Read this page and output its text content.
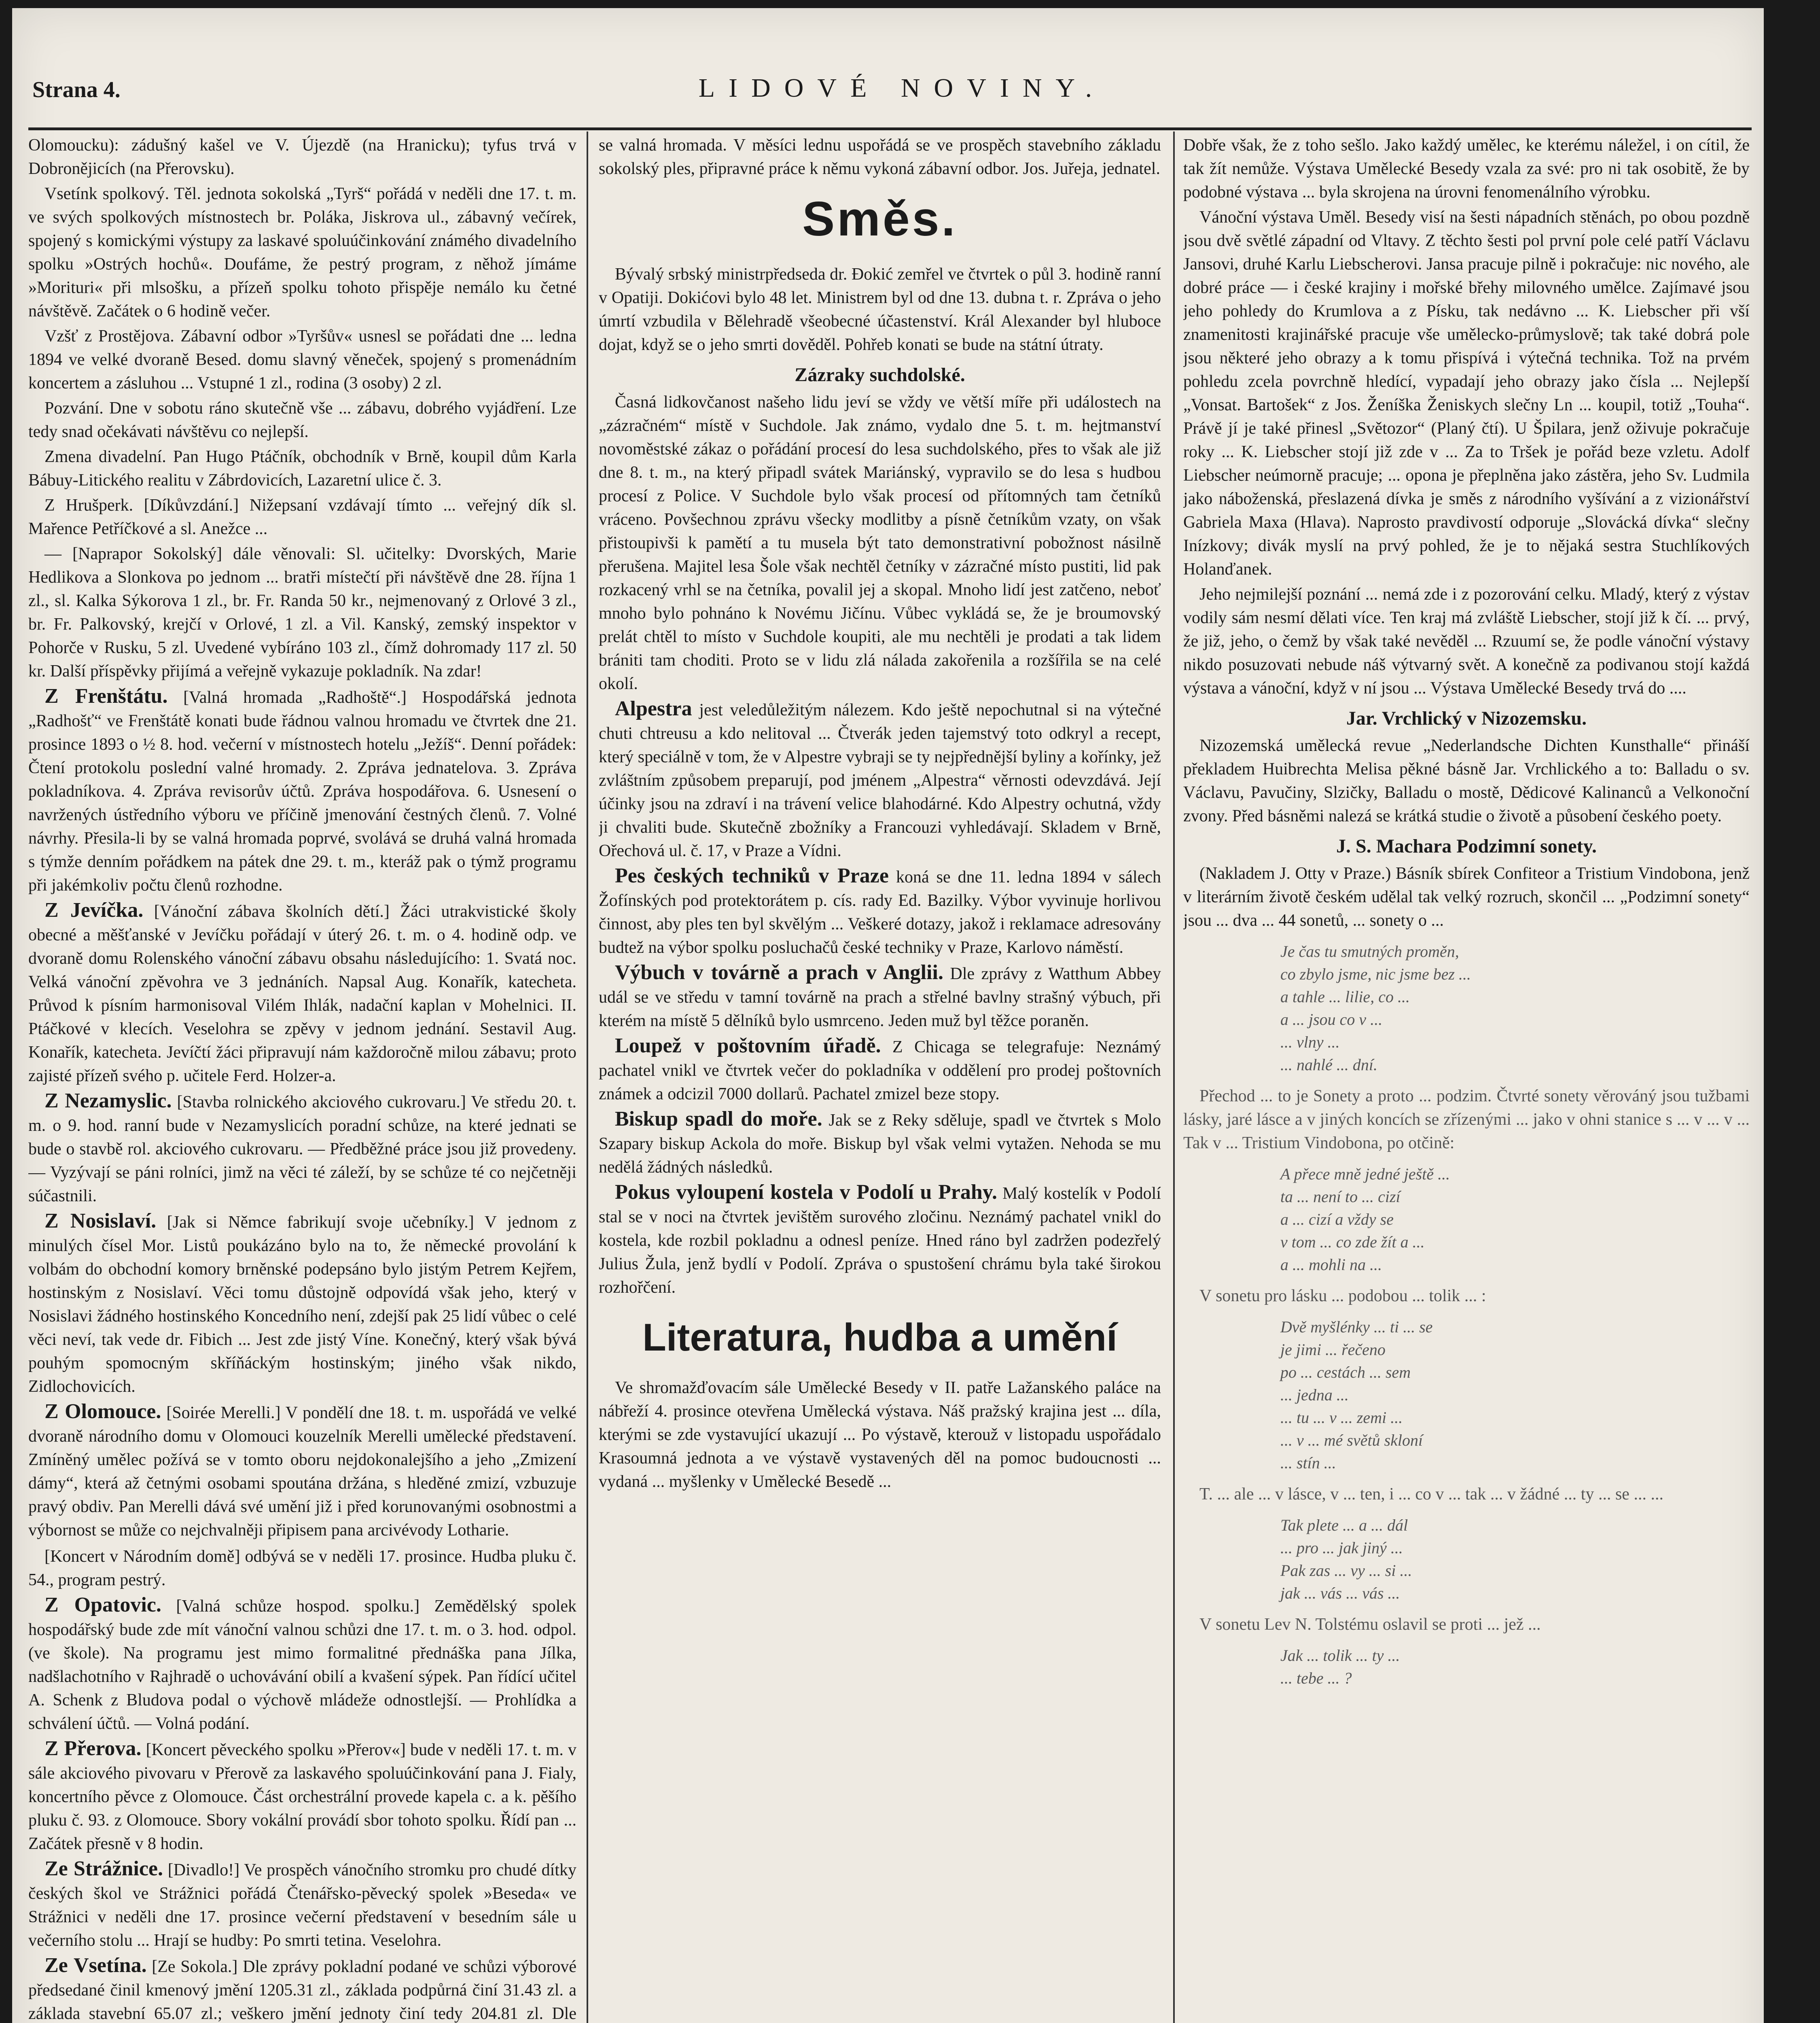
Strana 4.	LIDOVÉ NOVINY.

Olomoucku): zádušný kašel ve V. Újezdě (na Hranicku); tyfus trvá v Dobronějicích (na Přerovsku).

Vsetínk spolkový. Těl. jednota sokolská „Tyrš“ pořádá v neděli dne 17. t. m. ve svých spolkových místnostech br. Poláka, Jiskrova ul., zábavný večírek, spojený s komickými výstupy za laskavé spoluúčinkování známého divadelního spolku »Ostrých hochů«. Doufáme, že pestrý program, z něhož jímáme »Morituri« při mlsošku, a přízeň spolku tohoto přispěje nemálo ku četné návštěvě. Začátek o 6 hodině večer.

Vzšť z Prostějova. Zábavní odbor »Tyršův« usnesl se pořádati dne ... ledna 1894 ve velké dvoraně Besed. domu slavný věneček, spojený s promenádním koncertem a zásluhou ... Vstupné 1 zl., rodina (3 osoby) 2 zl.

Pozvání. Dne v sobotu ráno skutečně vše ... zábavu, dobrého vyjádření. Lze tedy snad očekávati návštěvu co nejlepší.

Zmena divadelní. Pan Hugo Ptáčník, obchodník v Brně, koupil dům Karla Bábuy-Litického realitu v Zábrdovicích, Lazaretní ulice č. 3.

Z Hrušperk. [Díkůvzdání.] Nižepsaní vzdávají tímto ... veřejný dík sl. Mařence Petříčkové a sl. Anežce ...

— [Naprapor Sokolský] dále věnovali: Sl. učitelky: Dvorských, Marie Hedlikova a Slonkova po jednom ... bratři místečtí při návštěvě dne 28. října 1 zl., sl. Kalka Sýkorova 1 zl., br. Fr. Randa 50 kr., nejmenovaný z Orlové 3 zl., br. Fr. Palkovský, krejčí v Orlové, 1 zl. a Vil. Kanský, zemský inspektor v Pohorče v Rusku, 5 zl. Uvedené vybíráno 103 zl., čímž dohromady 117 zl. 50 kr. Další příspěvky přijímá a veřejně vykazuje pokladník. Na zdar!

Z Frenštátu. [Valná hromada „Radhoště“.] Hospodářská jednota „Radhošť“ ve Frenštátě konati bude řádnou valnou hromadu ve čtvrtek dne 21. prosince 1893 o ½ 8. hod. večerní v místnostech hotelu „Ježíš“. Denní pořádek: Čtení protokolu poslední valné hromady. 2. Zpráva jednatelova. 3. Zpráva pokladníkova. 4. Zpráva revisorův účtů. Zpráva hospodářova. 6. Usnesení o navržených ústředního výboru ve příčině jmenování čestných členů. 7. Volné návrhy. Přesila-li by se valná hromada poprvé, svolává se druhá valná hromada s týmže denním pořádkem na pátek dne 29. t. m., kteráž pak o týmž programu při jakémkoliv počtu členů rozhodne.

Z Jevíčka. [Vánoční zábava školních dětí.] Žáci utrakvistické školy obecné a měšťanské v Jevíčku pořádají v úterý 26. t. m. o 4. hodině odp. ve dvoraně domu Rolenského vánoční zábavu obsahu následujícího: 1. Svatá noc. Velká vánoční zpěvohra ve 3 jednáních. Napsal Aug. Konařík, katecheta. Průvod k písním harmonisoval Vilém Ihlák, nadační kaplan v Mohelnici. II. Ptáčkové v klecích. Veselohra se zpěvy v jednom jednání. Sestavil Aug. Konařík, katecheta. Jevíčtí žáci připravují nám každoročně milou zábavu; proto zajisté přízeň svého p. učitele Ferd. Holzer-a.

Z Nezamyslic. [Stavba rolnického akciového cukrovaru.] Ve středu 20. t. m. o 9. hod. ranní bude v Nezamyslicích poradní schůze, na které jednati se bude o stavbě rol. akciového cukrovaru. — Předběžné práce jsou již provedeny. — Vyzývají se páni rolníci, jimž na věci té záleží, by se schůze té co nejčetněji súčastnili.

Z Nosislaví. [Jak si Němce fabrikují svoje učebníky.] V jednom z minulých čísel Mor. Listů poukázáno bylo na to, že německé provolání k volbám do obchodní komory brněnské podepsáno bylo jistým Petrem Kejřem, hostinským z Nosislaví. Věci tomu důstojně odpovídá však jeho, který v Nosislavi žádného hostinského Koncedního není, zdejší pak 25 lidí vůbec o celé věci neví, tak vede dr. Fibich ... Jest zde jistý Víne. Konečný, který však bývá pouhým spomocným skříňáckým hostinským; jiného však nikdo, Zidlochovicích.

Z Olomouce. [Soirée Merelli.] V pondělí dne 18. t. m. uspořádá ve velké dvoraně národního domu v Olomouci kouzelník Merelli umělecké představení. Zmíněný umělec požívá se v tomto oboru nejdokonalejšího a jeho „Zmizení dámy“, která až četnými osobami spoutána držána, s hleděné zmizí, vzbuzuje pravý obdiv. Pan Merelli dává své umění již i před korunovanými osobnostmi a výbornost se může co nejchvalněji připisem pana arcivévody Lotharie.

[Koncert v Národním domě] odbývá se v neděli 17. prosince. Hudba pluku č. 54., program pestrý.

Z Opatovic. [Valná schůze hospod. spolku.] Zemědělský spolek hospodářský bude zde mít vánoční valnou schůzi dne 17. t. m. o 3. hod. odpol. (ve škole). Na programu jest mimo formalitné přednáška pana Jílka, nadšlachotního v Rajhradě o uchovávání obilí a kvašení sýpek. Pan řídící učitel A. Schenk z Bludova podal o výchově mládeže odnostlejší. — Prohlídka a schválení účtů. — Volná podání.

Z Přerova. [Koncert pěveckého spolku »Přerov«] bude v neděli 17. t. m. v sále akciového pivovaru v Přerově za laskavého spoluúčinkování pana J. Fialy, koncertního pěvce z Olomouce. Část orchestrální provede kapela c. a k. pěšího pluku č. 93. z Olomouce. Sbory vokální provádí sbor tohoto spolku. Řídí pan ... Začátek přesně v 8 hodin.

Ze Strážnice. [Divadlo!] Ve prospěch vánočního stromku pro chudé dítky českých škol ve Strážnici pořádá Čtenářsko-pěvecký spolek »Beseda« ve Strážnici v neděli dne 17. prosince večerní představení v besedním sále u večerního stolu ... Hrají se hudby: Po smrti tetina. Veselohra.

Ze Vsetína. [Ze Sokola.] Dle zprávy pokladní podané ve schůzi výborové předsedané činil kmenový jmění 1205.31 zl., základa podpůrná činí 31.43 zl. a základa stavební 65.07 zl.; veškero jmění jednoty činí tedy 204.81 zl. Dle

se valná hromada. V měsíci lednu uspořádá se ve prospěch stavebního základu sokolský ples, připravné práce k němu vykoná zábavní odbor. Jos. Juřeja, jednatel.

Směs.

Bývalý srbský ministrpředseda dr. Đokić zemřel ve čtvrtek o půl 3. hodině ranní v Opatiji. Dokićovi bylo 48 let. Ministrem byl od dne 13. dubna t. r. Zpráva o jeho úmrtí vzbudila v Bělehradě všeobecné účastenství. Král Alexander byl hluboce dojat, když se o jeho smrti dověděl. Pohřeb konati se bude na státní útraty.

Zázraky suchdolské.

Časná lidkovčanost našeho lidu jeví se vždy ve větší míře při událostech na „zázračném“ místě v Suchdole. Jak známo, vydalo dne 5. t. m. hejtmanství novoměstské zákaz o pořádání procesí do lesa suchdolského, přes to však ale již dne 8. t. m., na který připadl svátek Mariánský, vypravilo se do lesa s hudbou procesí z Police. V Suchdole bylo však procesí od přítomných tam četníků vráceno. Povšechnou zprávu všecky modlitby a písně četníkům vzaty, on však přistoupivši k pamětí a tu musela být tato demonstrativní pobožnost násilně přerušena. Majitel lesa Šole však nechtěl četníky v zázračné místo pustiti, lid pak rozkacený vrhl se na četníka, povalil jej a skopal. Mnoho lidí jest zatčeno, neboť mnoho bylo pohnáno k Novému Jičínu. Vůbec vykládá se, že je broumovský prelát chtěl to místo v Suchdole koupiti, ale mu nechtěli je prodati a tak lidem brániti tam choditi. Proto se v lidu zlá nálada zakořenila a rozšířila se na celé okolí.

Alpestra jest veledůležitým nálezem. Kdo ještě nepochutnal si na výtečné chuti chtreusu a kdo nelitoval ... Čtverák jeden tajemstvý toto odkryl a recept, který speciálně v tom, že v Alpestre vybraji se ty nejpřednější byliny a kořínky, jež zvláštním způsobem preparují, pod jménem „Alpestra“ věrnosti odevzdává. Její účinky jsou na zdraví i na trávení velice blahodárné. Kdo Alpestry ochutná, vždy ji chvaliti bude. Skutečně zbožníky a Francouzi vyhledávají. Skladem v Brně, Ořechová ul. č. 17, v Praze a Vídni.

Pes českých techniků v Praze koná se dne 11. ledna 1894 v sálech Žofínských pod protektorátem p. cís. rady Ed. Bazilky. Výbor vyvinuje horlivou činnost, aby ples ten byl skvělým ... Veškeré dotazy, jakož i reklamace adresovány budtež na výbor spolku posluchačů české techniky v Praze, Karlovo náměstí.

Výbuch v továrně a prach v Anglii. Dle zprávy z Watthum Abbey udál se ve středu v tamní továrně na prach a střelné bavlny strašný výbuch, při kterém na místě 5 dělníků bylo usmrceno. Jeden muž byl těžce poraněn.

Loupež v poštovním úřadě. Z Chicaga se telegrafuje: Neznámý pachatel vnikl ve čtvrtek večer do pokladníka v oddělení pro prodej poštovních známek a odcizil 7000 dollarů. Pachatel zmizel beze stopy.

Biskup spadl do moře. Jak se z Reky sděluje, spadl ve čtvrtek s Molo Szapary biskup Ackola do moře. Biskup byl však velmi vytažen. Nehoda se mu nedělá žádných následků.

Pokus vyloupení kostela v Podolí u Prahy. Malý kostelík v Podolí stal se v noci na čtvrtek jevištěm surového zločinu. Neznámý pachatel vnikl do kostela, kde rozbil pokladnu a odnesl peníze. Hned ráno byl zadržen podezřelý Julius Žula, jenž bydlí v Podolí. Zpráva o spustošení chrámu byla také širokou rozhořčení.

Literatura, hudba a umění

Ve shromažďovacím sále Umělecké Besedy v II. patře Lažanského paláce na nábřeží 4. prosince otevřena Umělecká výstava. Náš pražský krajina jest ... díla, kterými se zde vystavující ukazují ... Po výstavě, kterouž v listopadu uspořádalo Krasoumná jednota a ve výstavě vystavených děl na pomoc budoucnosti ... vydaná ... myšlenky v Umělecké Besedě ...

Dobře však, že z toho sešlo. Jako každý umělec, ke kterému náležel, i on cítil, že tak žít nemůže. Výstava Umělecké Besedy vzala za své: pro ni tak osobitě, že by podobné výstava ... byla skrojena na úrovni fenomenálního výrobku.

Vánoční výstava Uměl. Besedy visí na šesti nápadních stěnách, po obou pozdně jsou dvě světlé západní od Vltavy. Z těchto šesti pol první pole celé patří Václavu Jansovi, druhé Karlu Liebscherovi. Jansa pracuje pilně i pokračuje: nic nového, ale dobré práce — i české krajiny i mořské břehy milovného umělce. Zajímavé jsou jeho pohledy do Krumlova a z Písku, tak nedávno ... K. Liebscher při vší znamenitosti krajinářské pracuje vše umělecko-průmyslově; tak také dobrá pole jsou některé jeho obrazy a k tomu přispívá i výtečná technika. Tož na prvém pohledu zcela povrchně hledící, vypadají jeho obrazy jako čísla ... Nejlepší „Vonsat. Bartošek“ z Jos. Ženíška Ženiskych slečny Ln ... koupil, totiž „Touha“. Právě jí je také přinesl „Světozor“ (Planý čtí). U Špilara, jenž oživuje pokračuje roky ... K. Liebscher stojí již zde v ... Za to Tršek je pořád beze vzletu. Adolf Liebscher neúmorně pracuje; ... opona je přeplněna jako zástěra, jeho Sv. Ludmila jako náboženská, přeslazená dívka je směs z národního vyšívání a z vizionářství Gabriela Maxa (Hlava). Naprosto pravdivostí odporuje „Slovácká dívka“ slečny Inízkovy; divák myslí na prvý pohled, že je to nějaká sestra Stuchlíkových Holanďanek.

Jeho nejmilejší poznání ... nemá zde i z pozorování celku. Mladý, který z výstav vodily sám nesmí dělati více. Ten kraj má zvláště Liebscher, stojí již k čí. ... prvý, že již, jeho, o čemž by však také nevěděl ... Rzuumí se, že podle vánoční výstavy nikdo posuzovati nebude náš výtvarný svět. A konečně za podivanou stojí každá výstava a vánoční, když v ní jsou ... Výstava Umělecké Besedy trvá do ....

Jar. Vrchlický v Nizozemsku.

Nizozemská umělecká revue „Nederlandsche Dichten Kunsthalle“ přináší překladem Huibrechta Melisa pěkné básně Jar. Vrchlického a to: Balladu o sv. Václavu, Pavučiny, Slzičky, Balladu o mostě, Dědicové Kalinanců a Velkonoční zvony. Před básněmi nalezá se krátká studie o životě a působení českého poety.

J. S. Machara Podzimní sonety.

(Nakladem J. Otty v Praze.) Básník sbírek Confiteor a Tristium Vindobona, jenž v literárním životě českém udělal tak velký rozruch, skončil ... „Podzimní sonety“ jsou ... dva ... 44 sonetů, ... sonety o ...

Je čas tu smutných proměn,
co zbylo jsme, nic jsme bez ...
a tahle ... lilie, co ...
a ... jsou co v ...
... vlny ...
... nahlé ... dní.

Přechod ... to je Sonety a proto ... podzim. Čtvrté sonety věrováný jsou tužbami lásky, jaré lásce a v jiných koncích se zřízenými ... jako v ohni stanice s ... v ... v ... Tak v ... Tristium Vindobona, po otčině:

A přece mně jedné ještě ...
ta ... není to ... cizí
a ... cizí a vždy se
v tom ... co zde žít a ...
a ... mohli na ...

V sonetu pro lásku ... podobou ... tolik ... :

Dvě myšlénky ... ti ... se
je jimi ... řečeno
po ... cestách ... sem
... jedna ...
... tu ... v ... zemi ...
... v ... mé světů skloní
... stín ...

T. ... ale ... v lásce, v ... ten, i ... co v ... tak ... v žádné ... ty ... se ... ...

Tak plete ... a ... dál
... pro ... jak jiný ...
Pak zas ... vy ... si ...
jak ... vás ... vás ...

V sonetu Lev N. Tolstému oslavil se proti ... jež ...

Jak ... tolik ... ty ...
... tebe ... ?
